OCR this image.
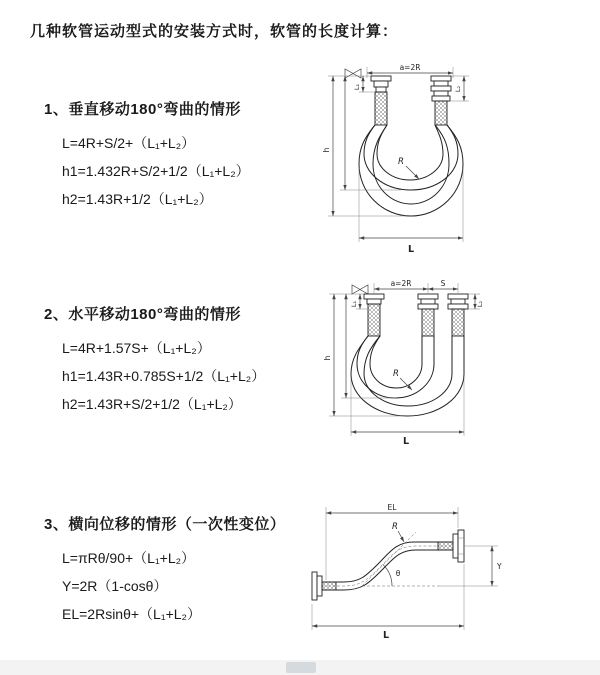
几种软管运动型式的安装方式时，软管的长度计算：
1、垂直移动180°弯曲的情形

L=4R+S/2+（L₁+L₂）

h1=1.432R+S/2+1/2（L₁+L₂）

h2=1.43R+1/2（L₁+L₂）

a=2R
R
h
L₁	L₂
L
2、水平移动180°弯曲的情形

L=4R+1.57S+（L₁+L₂）

h1=1.43R+0.785S+1/2（L₁+L₂）

h2=1.43R+S/2+1/2（L₁+L₂）

a=2R	S
R
h
L₁	L₂
L
3、横向位移的情形（一次性变位）

L=πRθ/90+（L₁+L₂）

Y=2R（1-cosθ）

EL=2Rsinθ+（L₁+L₂）

EL
θ
R
Y
L
